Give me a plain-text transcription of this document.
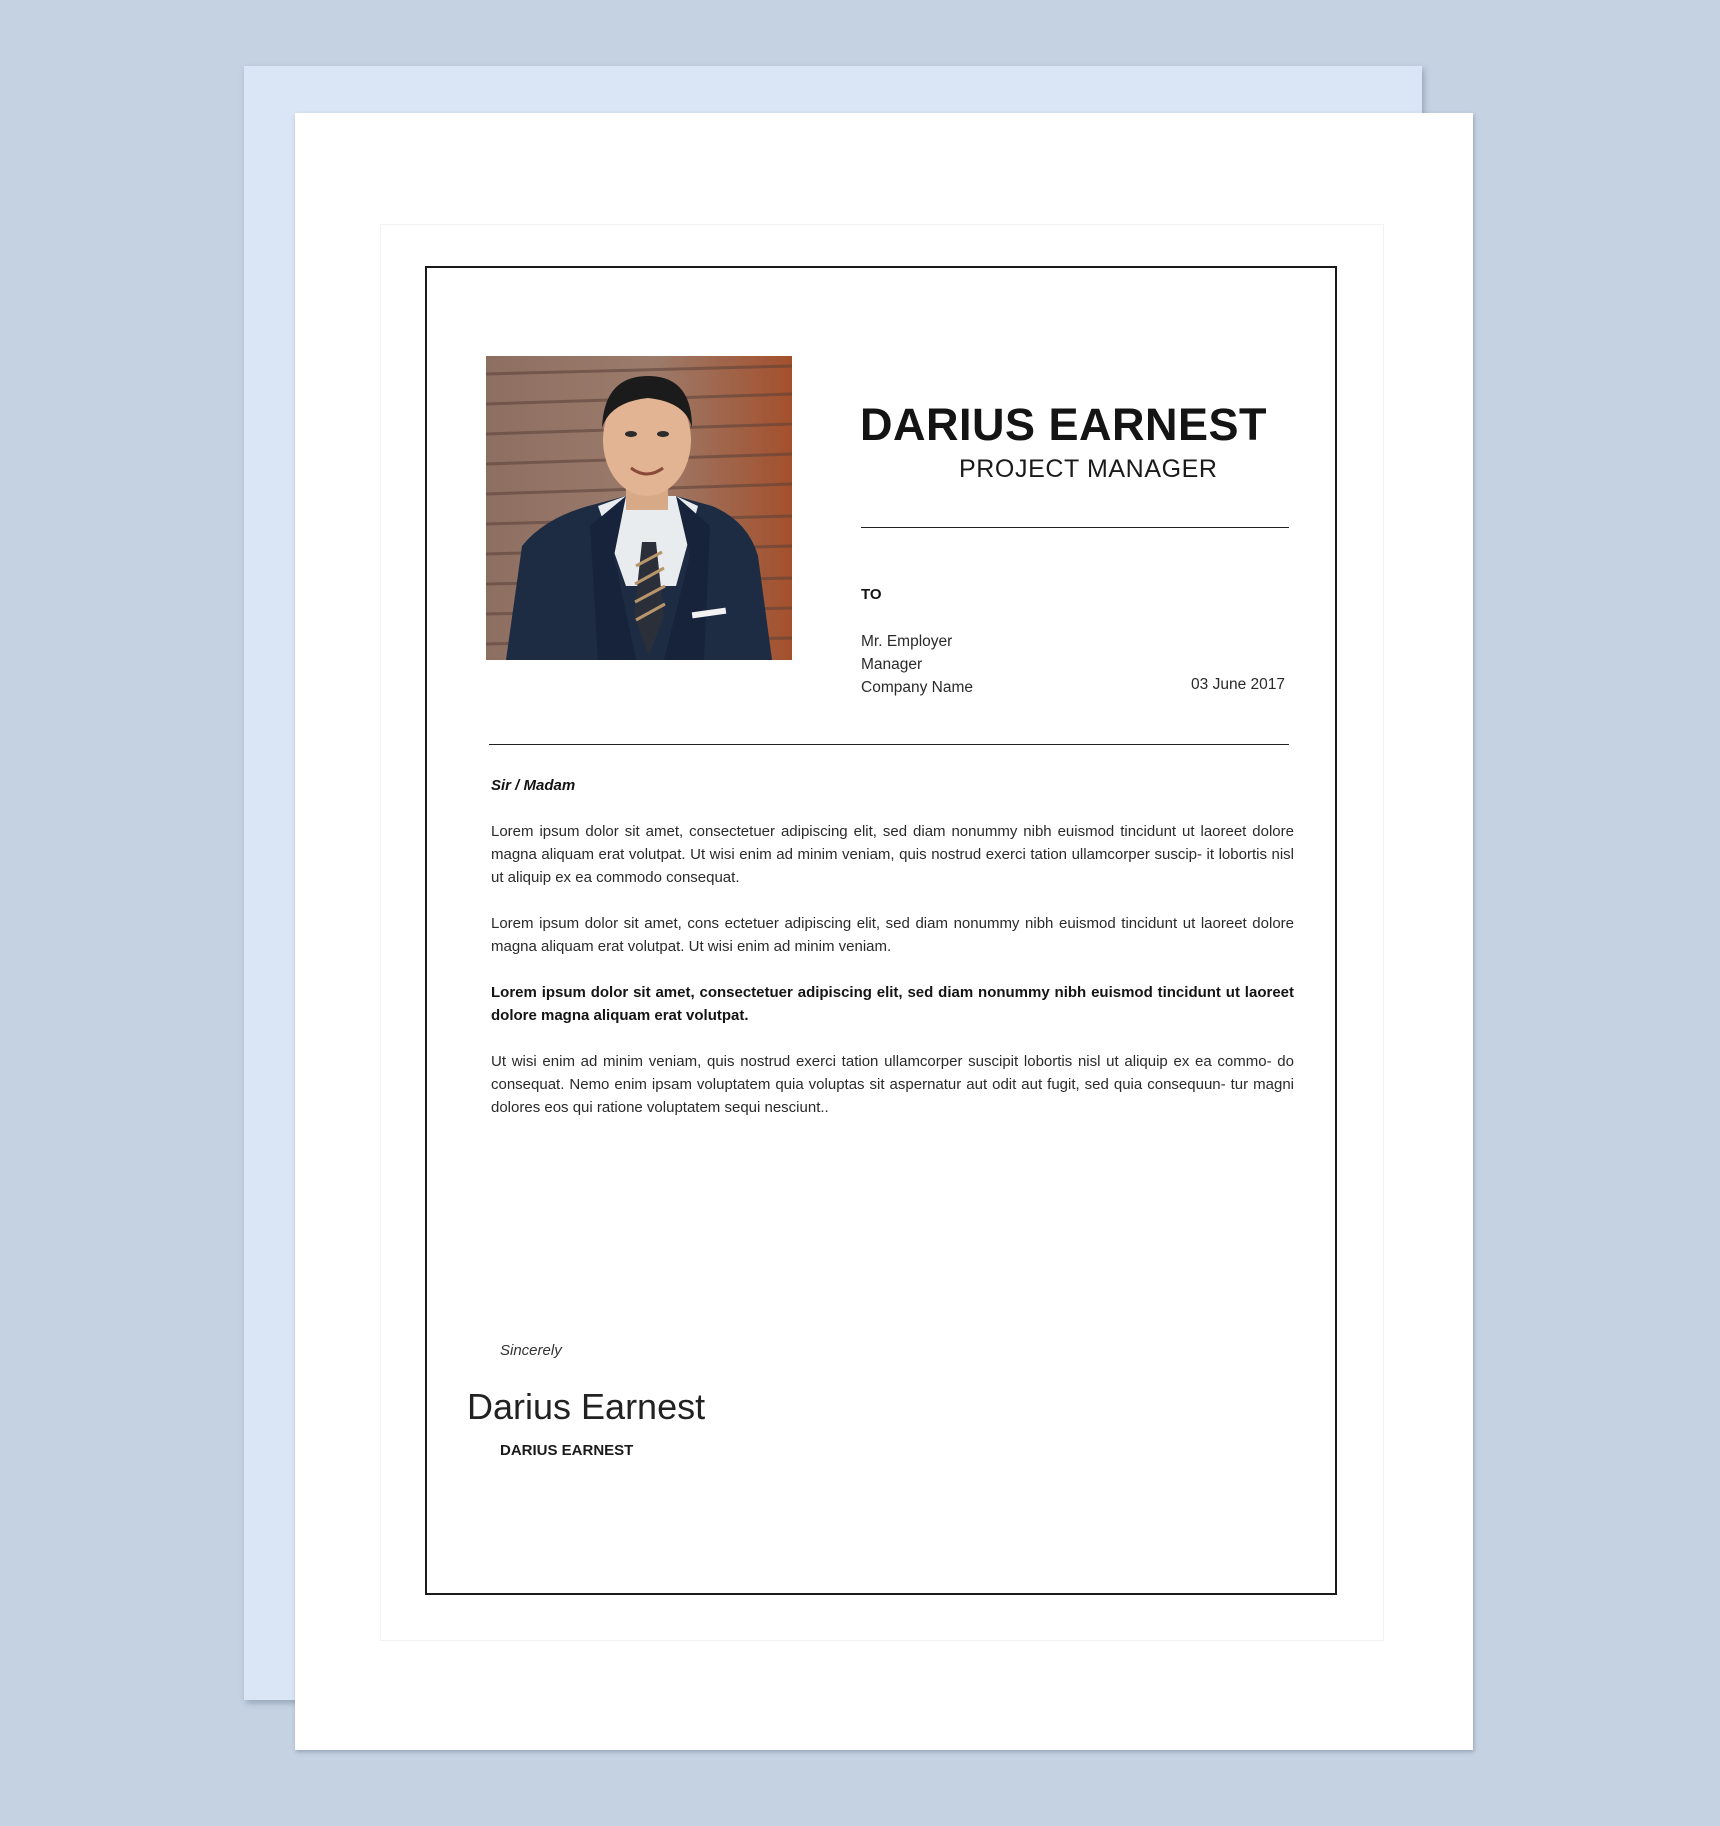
DARIUS EARNEST
PROJECT MANAGER
TO
Mr. Employer
Manager
Company Name	03 June 2017

Sir / Madam

Lorem ipsum dolor sit amet, consectetuer adipiscing elit, sed diam nonummy nibh euismod tincidunt ut laoreet dolore magna aliquam erat volutpat. Ut wisi enim ad minim veniam, quis nostrud exerci tation ullamcorper suscip- it lobortis nisl ut aliquip ex ea commodo consequat.

Lorem ipsum dolor sit amet, cons ectetuer adipiscing elit, sed diam nonummy nibh euismod tincidunt ut laoreet dolore magna aliquam erat volutpat. Ut wisi enim ad minim veniam.

Lorem ipsum dolor sit amet, consectetuer adipiscing elit, sed diam nonummy nibh euismod tincidunt ut laoreet dolore magna aliquam erat volutpat.

Ut wisi enim ad minim veniam, quis nostrud exerci tation ullamcorper suscipit lobortis nisl ut aliquip ex ea commo- do consequat. Nemo enim ipsam voluptatem quia voluptas sit aspernatur aut odit aut fugit, sed quia consequun- tur magni dolores eos qui ratione voluptatem sequi nesciunt..

Sincerely
Darius Earnest
DARIUS EARNEST
